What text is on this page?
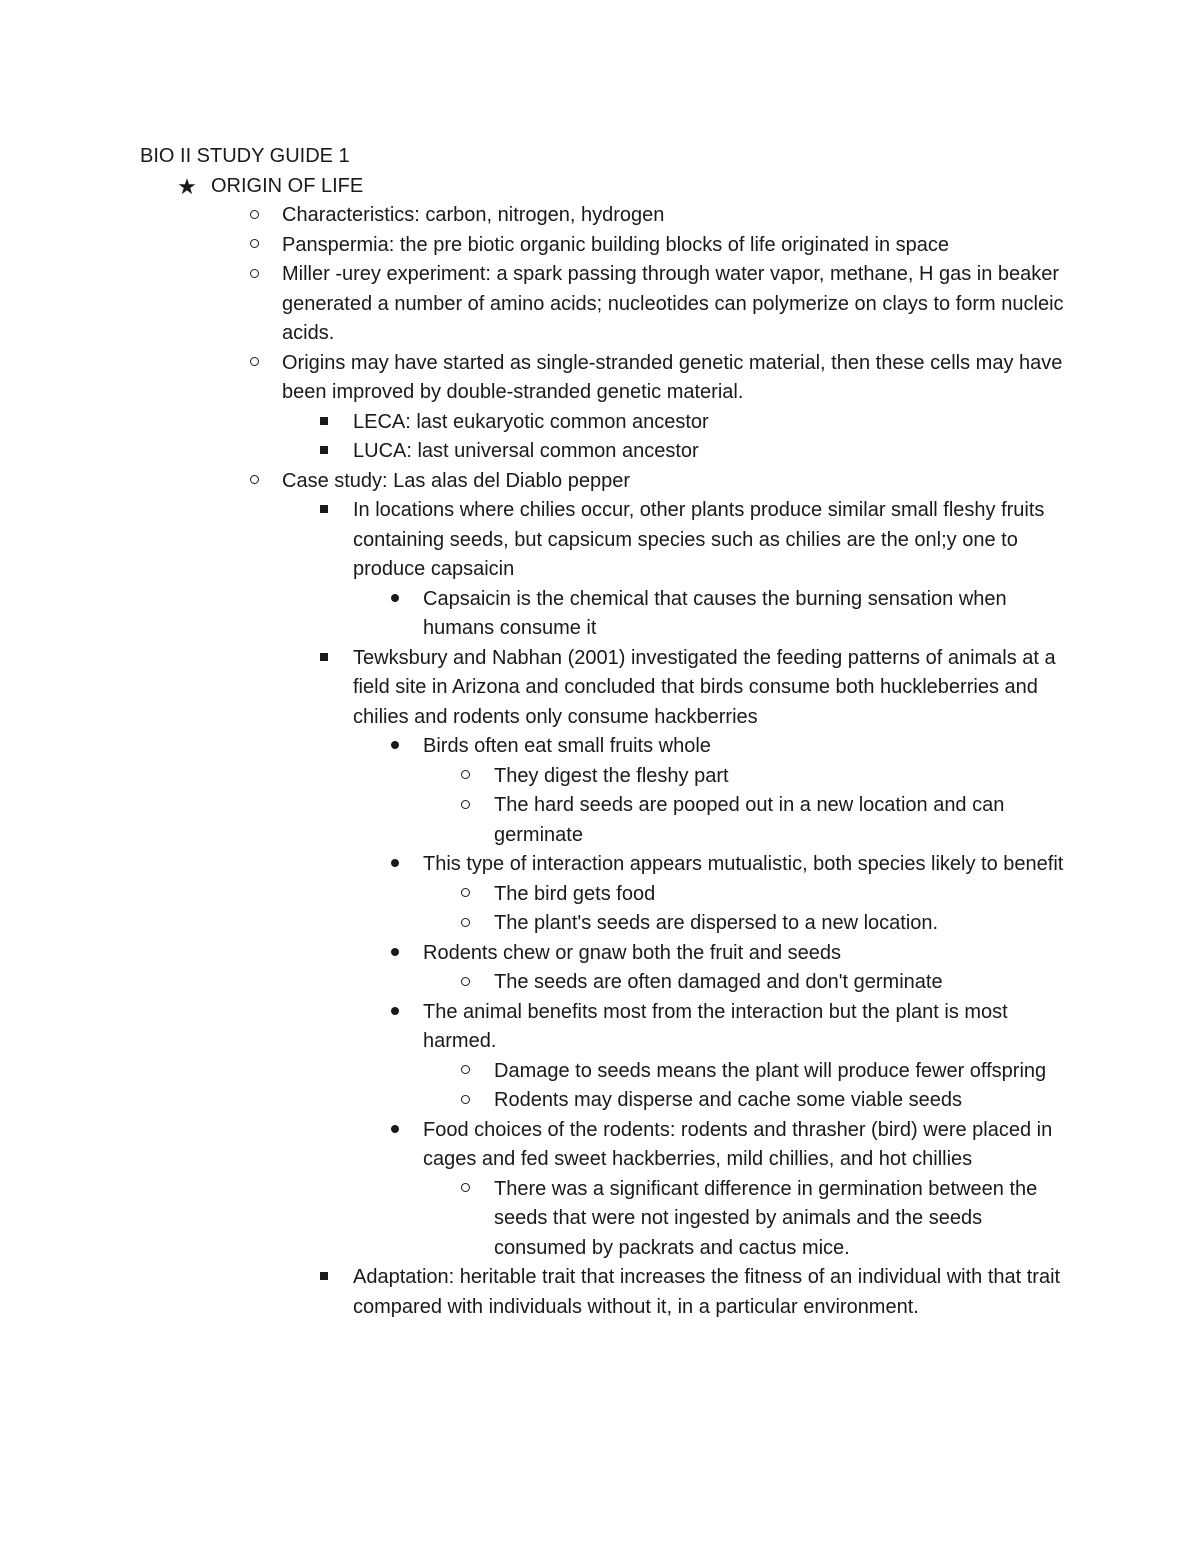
BIO II STUDY GUIDE 1
★ ORIGIN OF LIFE
Characteristics: carbon, nitrogen, hydrogen
Panspermia: the pre biotic organic building blocks of life originated in space
Miller -urey experiment: a spark passing through water vapor, methane, H gas in beaker generated a number of amino acids; nucleotides can polymerize on clays to form nucleic acids.
Origins may have started as single-stranded genetic material, then these cells may have been improved by double-stranded genetic material.
LECA: last eukaryotic common ancestor
LUCA: last universal common ancestor
Case study: Las alas del Diablo pepper
In locations where chilies occur, other plants produce similar small fleshy fruits containing seeds, but capsicum species such as chilies are the onl;y one to produce capsaicin
Capsaicin is the chemical that causes the burning sensation when humans consume it
Tewksbury and Nabhan (2001) investigated the feeding patterns of animals at a field site in Arizona and concluded that birds consume both huckleberries and chilies and rodents only consume hackberries
Birds often eat small fruits whole
They digest the fleshy part
The hard seeds are pooped out in a new location and can germinate
This type of interaction appears mutualistic, both species likely to benefit
The bird gets food
The plant's seeds are dispersed to a new location.
Rodents chew or gnaw both the fruit and seeds
The seeds are often damaged and don't germinate
The animal benefits most from the interaction but the plant is most harmed.
Damage to seeds means the plant will produce fewer offspring
Rodents may disperse and cache some viable seeds
Food choices of the rodents: rodents and thrasher (bird) were placed in cages and fed sweet hackberries, mild chillies, and hot chillies
There was a significant difference in germination between the seeds that were not ingested by animals and the seeds consumed by packrats and cactus mice.
Adaptation: heritable trait that increases the fitness of an individual with that trait compared with individuals without it, in a particular environment.
